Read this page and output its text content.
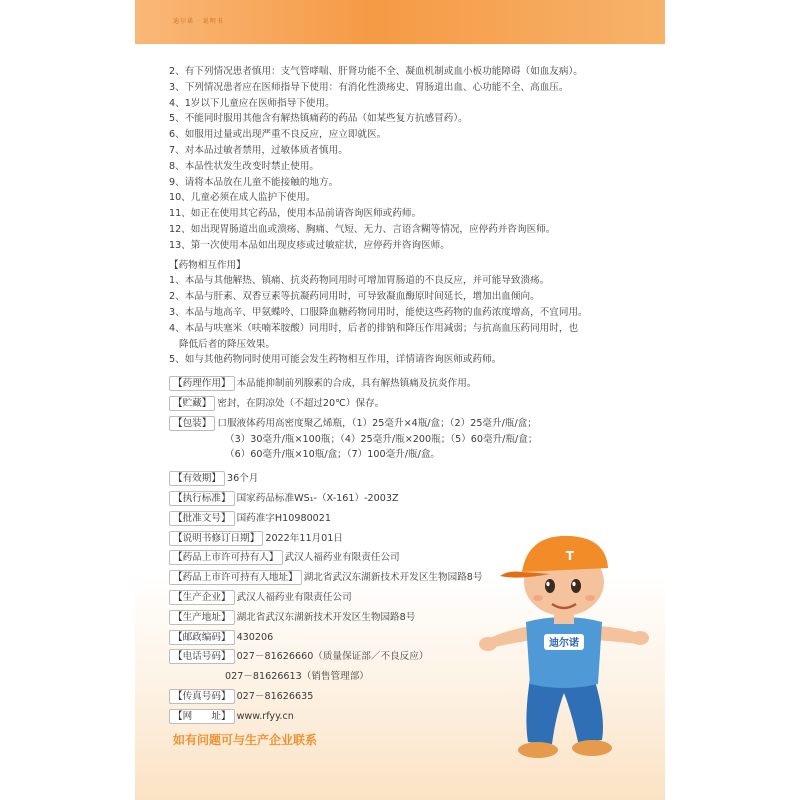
迪尔诺 · 说明书
2、有下列情况患者慎用：支气管哮喘、肝肾功能不全、凝血机制或血小板功能障碍（如血友病）。
3、下列情况患者应在医师指导下使用：有消化性溃疡史、胃肠道出血、心功能不全、高血压。
4、1岁以下儿童应在医师指导下使用。
5、不能同时服用其他含有解热镇痛药的药品（如某些复方抗感冒药）。
6、如服用过量或出现严重不良反应，应立即就医。
7、对本品过敏者禁用，过敏体质者慎用。
8、本品性状发生改变时禁止使用。
9、请将本品放在儿童不能接触的地方。
10、儿童必须在成人监护下使用。
11、如正在使用其它药品，使用本品前请咨询医师或药师。
12、如出现胃肠道出血或溃疡、胸痛、气短、无力、言语含糊等情况，应停药并咨询医师。
13、第一次使用本品如出现皮疹或过敏症状，应停药并咨询医师。
【药物相互作用】
1、本品与其他解热、镇痛、抗炎药物同用时可增加胃肠道的不良反应，并可能导致溃疡。
2、本品与肝素、双香豆素等抗凝药同用时，可导致凝血酶原时间延长，增加出血倾向。
3、本品与地高辛、甲氨蝶呤、口服降血糖药物同用时，能使这些药物的血药浓度增高，不宜同用。
4、本品与呋塞米（呋喃苯胺酸）同用时，后者的排钠和降压作用减弱；与抗高血压药同用时，也
降低后者的降压效果。
5、如与其他药物同时使用可能会发生药物相互作用，详情请咨询医师或药师。
【药理作用】 本品能抑制前列腺素的合成，具有解热镇痛及抗炎作用。
【贮藏】 密封，在阴凉处（不超过20℃）保存。
【包装】 口服液体药用高密度聚乙烯瓶，（1）25毫升×4瓶/盒；（2）25毫升/瓶/盒；
（3）30毫升/瓶×100瓶；（4）25毫升/瓶×200瓶；（5）60毫升/瓶/盒；
（6）60毫升/瓶×10瓶/盒；（7）100毫升/瓶/盒。
【有效期】 36个月
【执行标准】 国家药品标准WS₁-（X-161）-2003Z
【批准文号】 国药准字H10980021
【说明书修订日期】 2022年11月01日
【药品上市许可持有人】 武汉人福药业有限责任公司
【药品上市许可持有人地址】 湖北省武汉东湖新技术开发区生物园路8号
【生产企业】 武汉人福药业有限责任公司
【生产地址】 湖北省武汉东湖新技术开发区生物园路8号
【邮政编码】 430206
【电话号码】 027－81626660（质量保证部／不良反应）
027－81626613（销售管理部）
【传真号码】 027－81626635
【网　　址】 www.rfyy.cn
如有问题可与生产企业联系
迪尔诺
T
